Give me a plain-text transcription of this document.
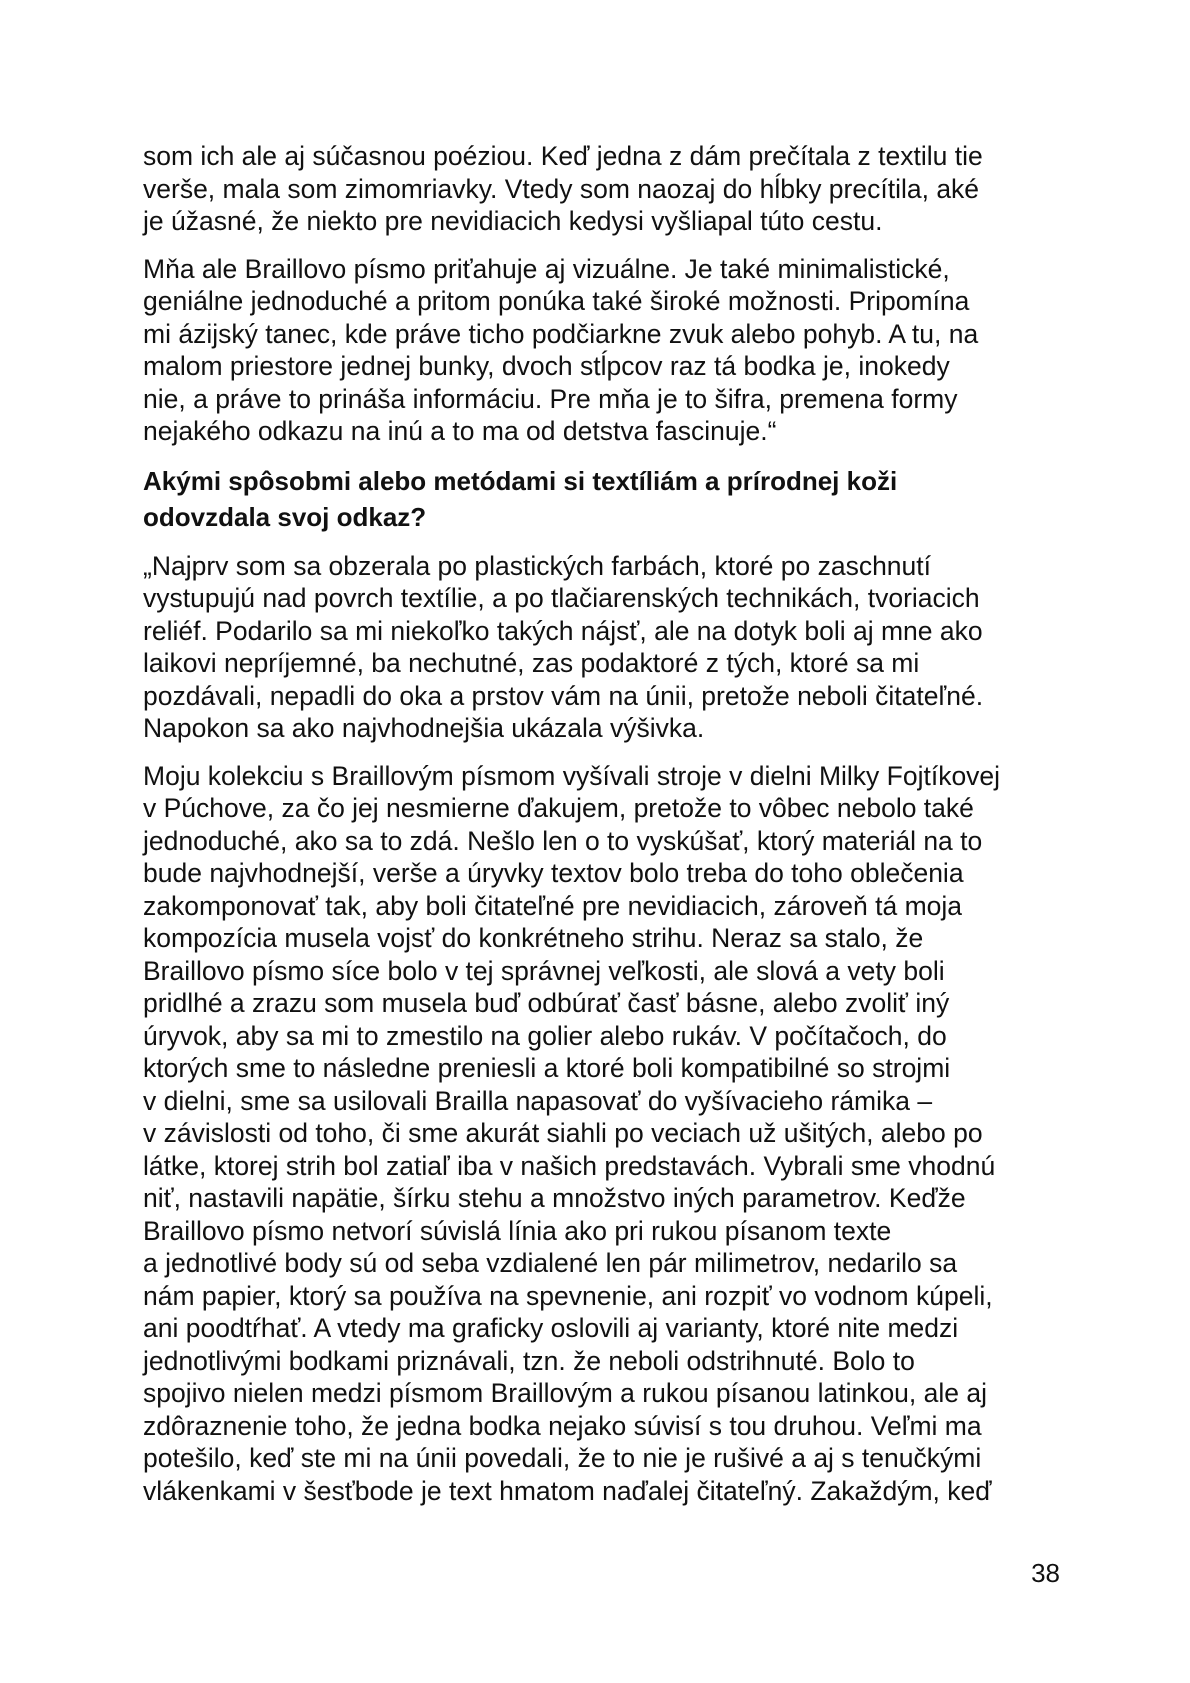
som ich ale aj súčasnou poéziou. Keď jedna z dám prečítala z textilu tie
verše, mala som zimomriavky. Vtedy som naozaj do hĺbky precítila, aké
je úžasné, že niekto pre nevidiacich kedysi vyšliapal túto cestu.

Mňa ale Braillovo písmo priťahuje aj vizuálne. Je také minimalistické,
geniálne jednoduché a pritom ponúka také široké možnosti. Pripomína
mi ázijský tanec, kde práve ticho podčiarkne zvuk alebo pohyb. A tu, na
malom priestore jednej bunky, dvoch stĺpcov raz tá bodka je, inokedy
nie, a práve to prináša informáciu. Pre mňa je to šifra, premena formy
nejakého odkazu na inú a to ma od detstva fascinuje.“

Akými spôsobmi alebo metódami si textíliám a prírodnej koži
odovzdala svoj odkaz?

„Najprv som sa obzerala po plastických farbách, ktoré po zaschnutí
vystupujú nad povrch textílie, a po tlačiarenských technikách, tvoriacich
reliéf. Podarilo sa mi niekoľko takých nájsť, ale na dotyk boli aj mne ako
laikovi nepríjemné, ba nechutné, zas podaktoré z tých, ktoré sa mi
pozdávali, nepadli do oka a prstov vám na únii, pretože neboli čitateľné.
Napokon sa ako najvhodnejšia ukázala výšivka.

Moju kolekciu s Braillovým písmom vyšívali stroje v dielni Milky Fojtíkovej
v Púchove, za čo jej nesmierne ďakujem, pretože to vôbec nebolo také
jednoduché, ako sa to zdá. Nešlo len o to vyskúšať, ktorý materiál na to
bude najvhodnejší, verše a úryvky textov bolo treba do toho oblečenia
zakomponovať tak, aby boli čitateľné pre nevidiacich, zároveň tá moja
kompozícia musela vojsť do konkrétneho strihu. Neraz sa stalo, že
Braillovo písmo síce bolo v tej správnej veľkosti, ale slová a vety boli
pridlhé a zrazu som musela buď odbúrať časť básne, alebo zvoliť iný
úryvok, aby sa mi to zmestilo na golier alebo rukáv. V počítačoch, do
ktorých sme to následne preniesli a ktoré boli kompatibilné so strojmi
v dielni, sme sa usilovali Brailla napasovať do vyšívacieho rámika –
v závislosti od toho, či sme akurát siahli po veciach už ušitých, alebo po
látke, ktorej strih bol zatiaľ iba v našich predstavách. Vybrali sme vhodnú
niť, nastavili napätie, šírku stehu a množstvo iných parametrov. Keďže
Braillovo písmo netvorí súvislá línia ako pri rukou písanom texte
a jednotlivé body sú od seba vzdialené len pár milimetrov, nedarilo sa
nám papier, ktorý sa používa na spevnenie, ani rozpiť vo vodnom kúpeli,
ani poodtŕhať. A vtedy ma graficky oslovili aj varianty, ktoré nite medzi
jednotlivými bodkami priznávali, tzn. že neboli odstrihnuté. Bolo to
spojivo nielen medzi písmom Braillovým a rukou písanou latinkou, ale aj
zdôraznenie toho, že jedna bodka nejako súvisí s tou druhou. Veľmi ma
potešilo, keď ste mi na únii povedali, že to nie je rušivé a aj s tenučkými
vlákenkami v šesťbode je text hmatom naďalej čitateľný. Zakaždým, keď

38
